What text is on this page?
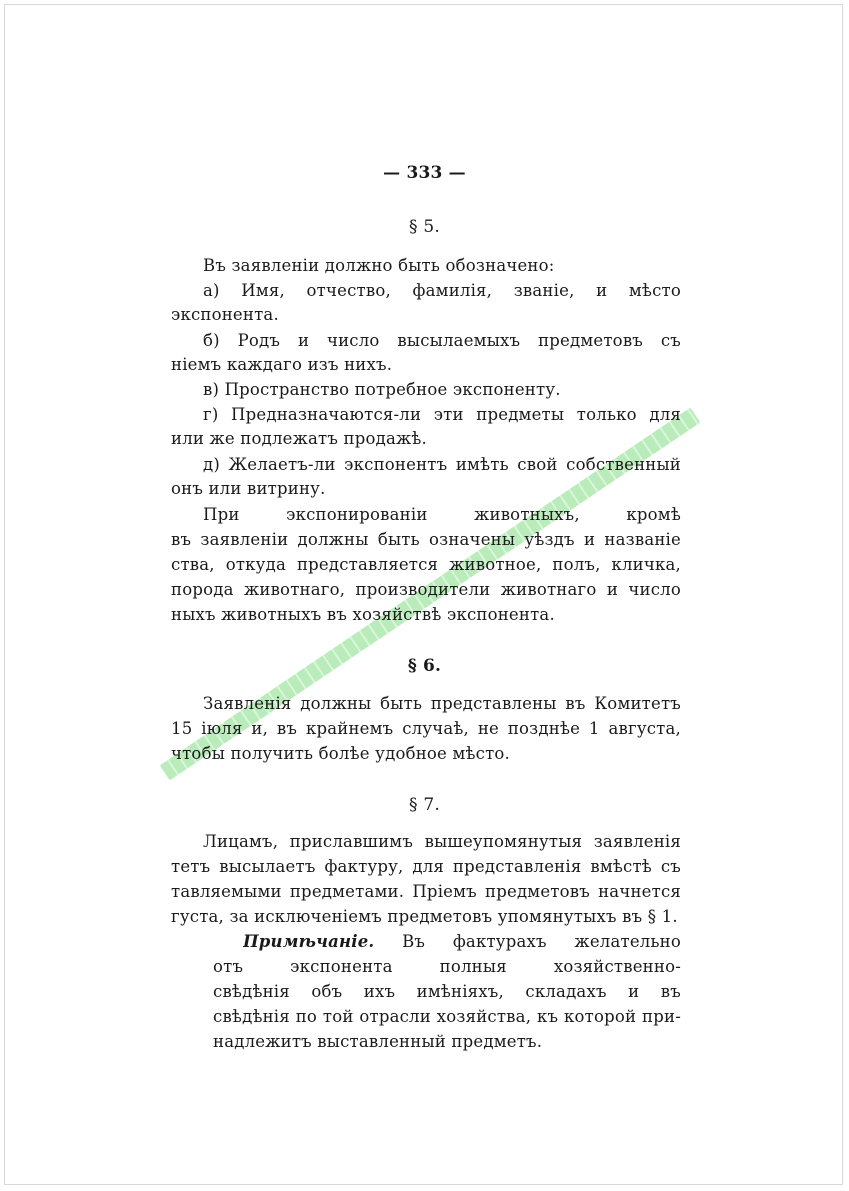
— 333 —
§ 5.
Въ заявленіи должно быть обозначено:
а) Имя, отчество, фамилія, званіе, и мѣсто
экспонента.
б) Родъ и число высылаемыхъ предметовъ съ
ніемъ каждаго изъ нихъ.
в) Пространство потребное экспоненту.
г) Предназначаются-ли эти предметы только для
или же подлежатъ продажѣ.
д) Желаетъ-ли экспонентъ имѣть свой собственный
онъ или витрину.
При экспонированіи животныхъ, кромѣ
въ заявленіи должны быть означены уѣздъ и названіе
ства, откуда представляется животное, полъ, кличка,
порода животнаго, производители животнаго и число
ныхъ животныхъ въ хозяйствѣ экспонента.
§ 6.
Заявленія должны быть представлены въ Комитетъ
15 іюля и, въ крайнемъ случаѣ, не позднѣе 1 августа,
чтобы получить болѣе удобное мѣсто.
§ 7.
Лицамъ, приславшимъ вышеупомянутыя заявленія
тетъ высылаетъ фактуру, для представленія вмѣстѣ съ
тавляемыми предметами. Пріемъ предметовъ начнется
густа, за исключеніемъ предметовъ упомянутыхъ въ § 1.
Примѣчаніе. Въ фактурахъ желательно
отъ экспонента полныя хозяйственно-
свѣдѣнія объ ихъ имѣніяхъ, складахъ и въ
свѣдѣнія по той отрасли хозяйства, къ которой при-
надлежитъ выставленный предметъ.
